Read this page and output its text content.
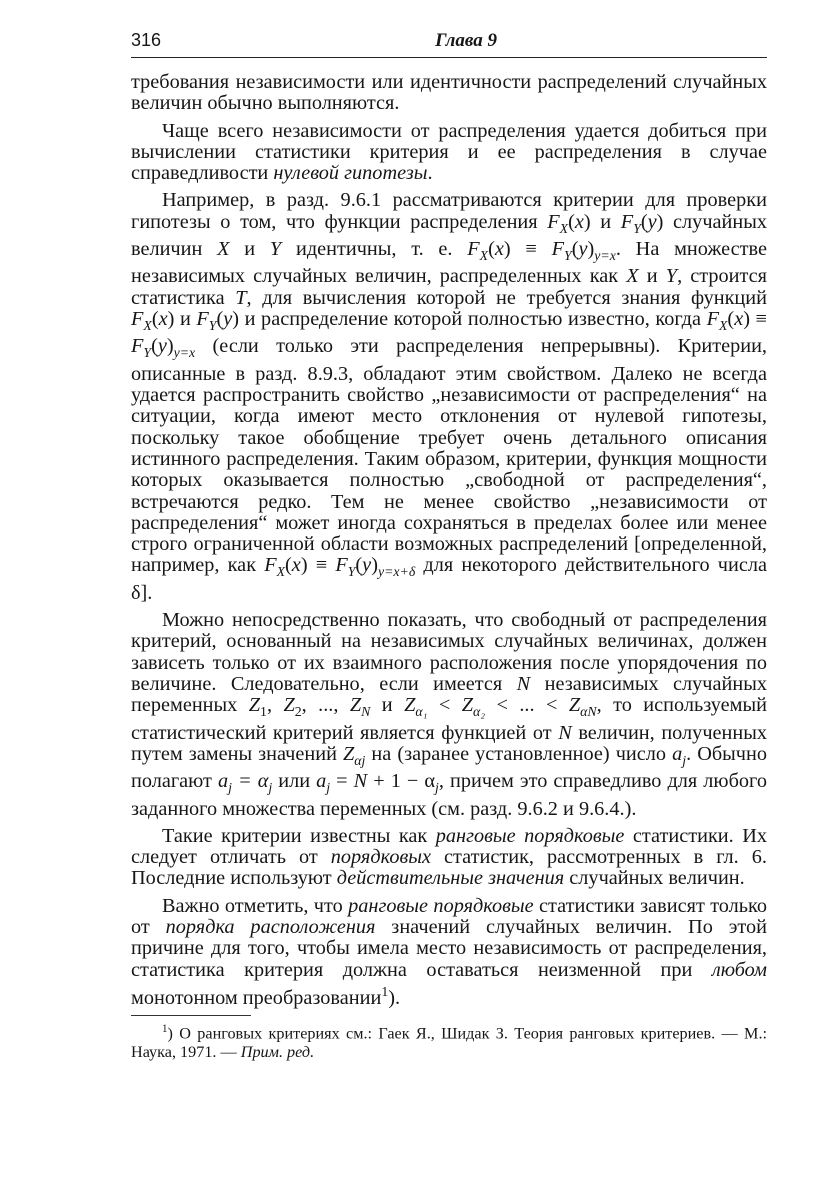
316	Глава 9

требования независимости или идентичности распределений случайных величин обычно выполняются.

Чаще всего независимости от распределения удается добиться при вычислении статистики критерия и ее распределения в случае справедливости нулевой гипотезы.

Например, в разд. 9.6.1 рассматриваются критерии для проверки гипотезы о том, что функции распределения $F_X(x)$ и $F_Y(y)$ случайных величин X и Y идентичны, т. е. $F_X(x) \equiv F_Y(y)_{y=x}$. На множестве независимых случайных величин, распределенных как X и Y, строится статистика T, для вычисления которой не требуется знания функций $F_X(x)$ и $F_Y(y)$ и распределение которой полностью известно, когда $F_X(x) \equiv F_Y(y)_{y=x}$ (если только эти распределения непрерывны). Критерии, описанные в разд. 8.9.3, обладают этим свойством. Далеко не всегда удается распространить свойство „независимости от распределения“ на ситуации, когда имеют место отклонения от нулевой гипотезы, поскольку такое обобщение требует очень детального описания истинного распределения. Таким образом, критерии, функция мощности которых оказывается полностью „свободной от распределения“, встречаются редко. Тем не менее свойство „независимости от распределения“ может иногда сохраняться в пределах более или менее строго ограниченной области возможных распределений [определенной, например, как $F_X(x) \equiv F_Y(y)_{y=x+\delta}$ для некоторого действительного числа δ].

Можно непосредственно показать, что свободный от распределения критерий, основанный на независимых случайных величинах, должен зависеть только от их взаимного расположения после упорядочения по величине. Следовательно, если имеется N независимых случайных переменных $Z_1$, $Z_2$, ..., $Z_N$ и $Z_{\alpha_1} < Z_{\alpha_2}$ < ... < $Z_{\alpha N}$, то используемый статистический критерий является функцией от N величин, полученных путем замены значений $Z_{\alpha j}$ на (заранее установленное) число $a_j$. Обычно полагают $a_j = \alpha_j$ или $a_j = N + 1 - \alpha_j$, причем это справедливо для любого заданного множества переменных (см. разд. 9.6.2 и 9.6.4.).

Такие критерии известны как ранговые порядковые статистики. Их следует отличать от порядковых статистик, рассмотренных в гл. 6. Последние используют действительные значения случайных величин.

Важно отметить, что ранговые порядковые статистики зависят только от порядка расположения значений случайных величин. По этой причине для того, чтобы имела место независимость от распределения, статистика критерия должна оставаться неизменной при любом монотонном преобразовании$^1$).

$^1$) О ранговых критериях см.: Гаек Я., Шидак З. Теория ранговых критериев. — М.: Наука, 1971. — Прим. ред.
